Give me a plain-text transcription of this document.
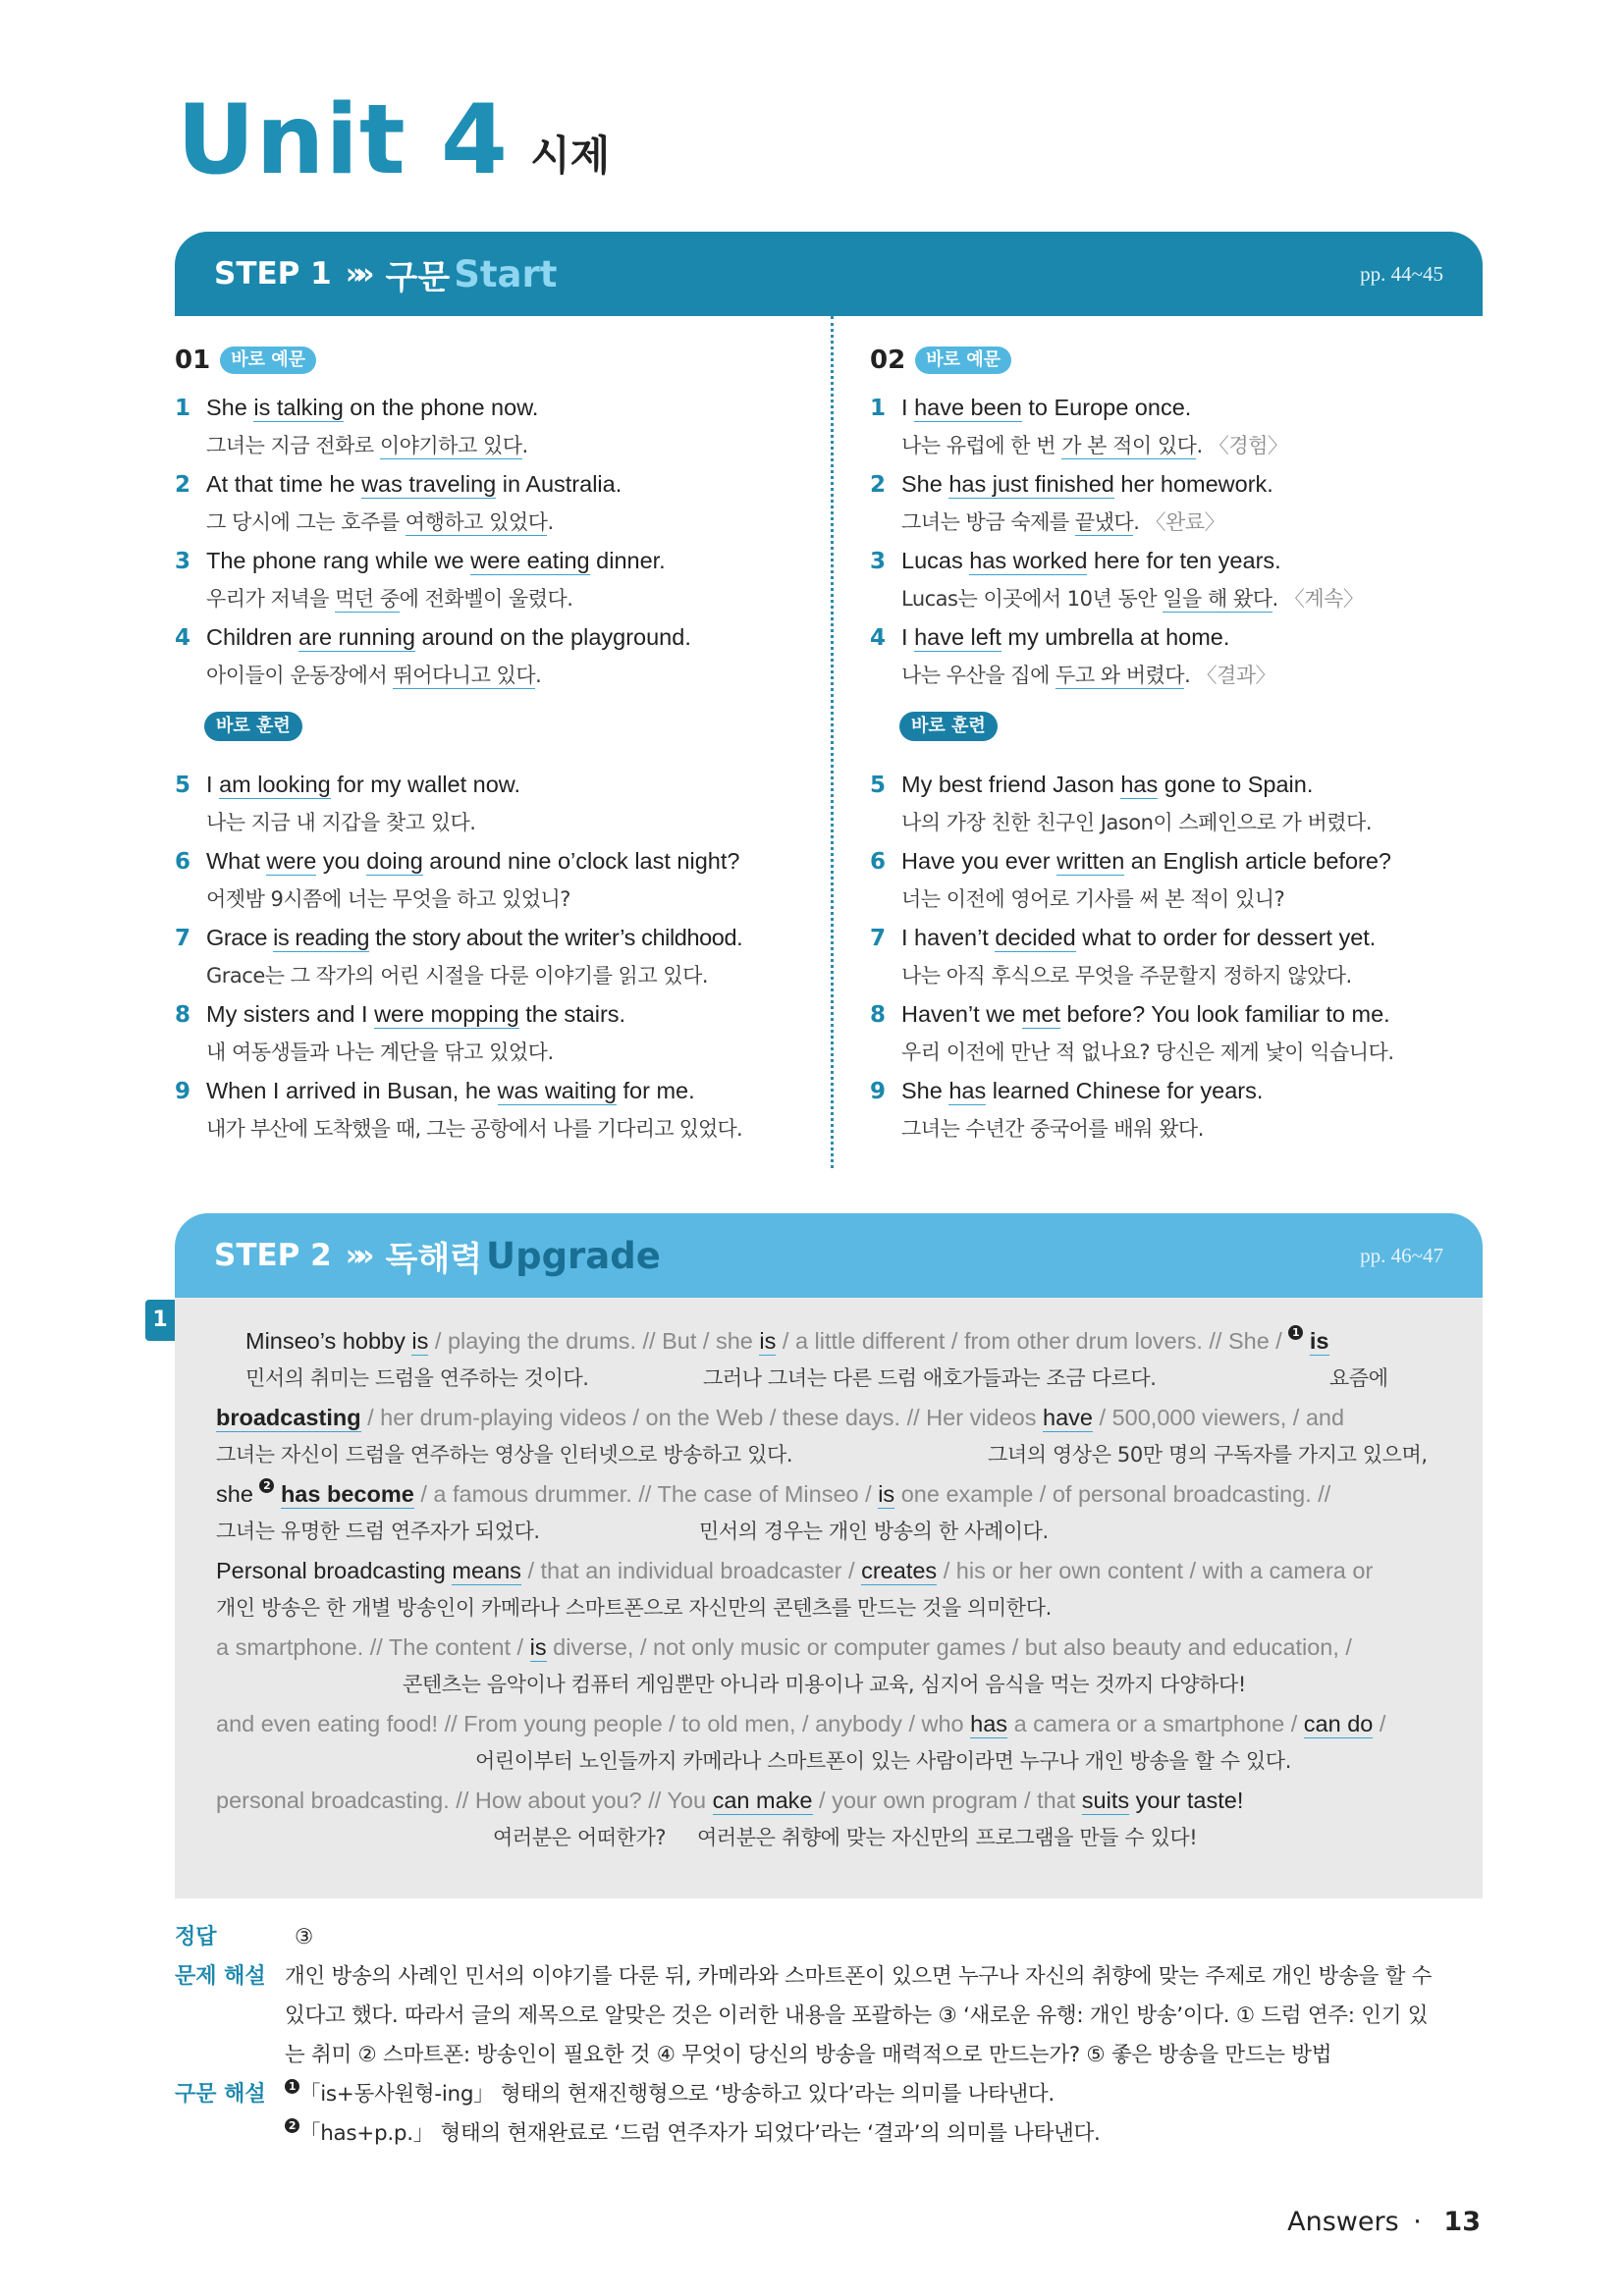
Unit 4 시제
STEP 1 »» 구문 Start	pp. 44~45
01	바로 예문
1 She is talking on the phone now.
그녀는 지금 전화로 이야기하고 있다.
2 At that time he was traveling in Australia.
그 당시에 그는 호주를 여행하고 있었다.
3 The phone rang while we were eating dinner.
우리가 저녁을 먹던 중에 전화벨이 울렸다.
4 Children are running around on the playground.
아이들이 운동장에서 뛰어다니고 있다.
바로 훈련
5 I am looking for my wallet now.
나는 지금 내 지갑을 찾고 있다.
6 What were you doing around nine o’clock last night?
어젯밤 9시쯤에 너는 무엇을 하고 있었니?
7 Grace is reading the story about the writer’s childhood.
Grace는 그 작가의 어린 시절을 다룬 이야기를 읽고 있다.
8 My sisters and I were mopping the stairs.
내 여동생들과 나는 계단을 닦고 있었다.
9 When I arrived in Busan, he was waiting for me.
내가 부산에 도착했을 때, 그는 공항에서 나를 기다리고 있었다.
02	바로 예문
1 I have been to Europe once.
나는 유럽에 한 번 가 본 적이 있다. 〈경험〉
2 She has just finished her homework.
그녀는 방금 숙제를 끝냈다. 〈완료〉
3 Lucas has worked here for ten years.
Lucas는 이곳에서 10년 동안 일을 해 왔다. 〈계속〉
4 I have left my umbrella at home.
나는 우산을 집에 두고 와 버렸다. 〈결과〉
바로 훈련
5 My best friend Jason has gone to Spain.
나의 가장 친한 친구인 Jason이 스페인으로 가 버렸다.
6 Have you ever written an English article before?
너는 이전에 영어로 기사를 써 본 적이 있니?
7 I haven’t decided what to order for dessert yet.
나는 아직 후식으로 무엇을 주문할지 정하지 않았다.
8 Haven’t we met before? You look familiar to me.
우리 이전에 만난 적 없나요? 당신은 제게 낯이 익습니다.
9 She has learned Chinese for years.
그녀는 수년간 중국어를 배워 왔다.
STEP 2 »» 독해력 Upgrade	pp. 46~47
1
Minseo’s hobby is / playing the drums. // But / she is / a little different / from other drum lovers. // She / 1 is
민서의 취미는 드럼을 연주하는 것이다.	그러나 그녀는 다른 드럼 애호가들과는 조금 다르다.	요즘에
broadcasting / her drum-playing videos / on the Web / these days. // Her videos have / 500,000 viewers, / and
그녀는 자신이 드럼을 연주하는 영상을 인터넷으로 방송하고 있다.	그녀의 영상은 50만 명의 구독자를 가지고 있으며,
she 2 has become / a famous drummer. // The case of Minseo / is one example / of personal broadcasting. //
그녀는 유명한 드럼 연주자가 되었다.	민서의 경우는 개인 방송의 한 사례이다.
Personal broadcasting means / that an individual broadcaster / creates / his or her own content / with a camera or
개인 방송은 한 개별 방송인이 카메라나 스마트폰으로 자신만의 콘텐츠를 만드는 것을 의미한다.
a smartphone. // The content / is diverse, / not only music or computer games / but also beauty and education, /
콘텐츠는 음악이나 컴퓨터 게임뿐만 아니라 미용이나 교육, 심지어 음식을 먹는 것까지 다양하다!
and even eating food! // From young people / to old men, / anybody / who has a camera or a smartphone / can do /
어린이부터 노인들까지 카메라나 스마트폰이 있는 사람이라면 누구나 개인 방송을 할 수 있다.
personal broadcasting. // How about you? // You can make / your own program / that suits your taste!
여러분은 어떠한가? 여러분은 취향에 맞는 자신만의 프로그램을 만들 수 있다!
정답	③
문제 해설 개인 방송의 사례인 민서의 이야기를 다룬 뒤, 카메라와 스마트폰이 있으면 누구나 자신의 취향에 맞는 주제로 개인 방송을 할 수
있다고 했다. 따라서 글의 제목으로 알맞은 것은 이러한 내용을 포괄하는 ③ ‘새로운 유행: 개인 방송’이다. ① 드럼 연주: 인기 있
는 취미 ② 스마트폰: 방송인이 필요한 것 ④ 무엇이 당신의 방송을 매력적으로 만드는가? ⑤ 좋은 방송을 만드는 방법
구문 해설	1 「is+동사원형-ing」 형태의 현재진행형으로 ‘방송하고 있다’라는 의미를 나타낸다.
2 「has+p.p.」 형태의 현재완료로 ‘드럼 연주자가 되었다’라는 ‘결과’의 의미를 나타낸다.
Answers · 13
